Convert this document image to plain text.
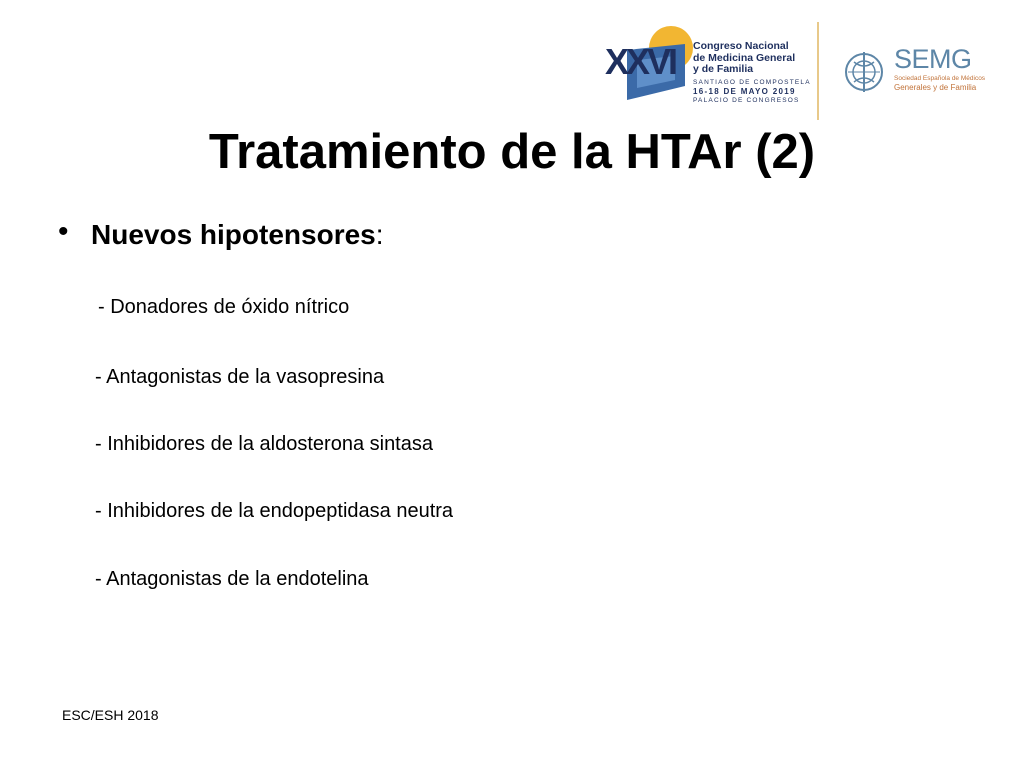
XXVI Congreso Nacional
de Medicina General
y de Familia
SANTIAGO DE COMPOSTELA
16-18 DE MAYO 2019
PALACIO DE CONGRESOS
SEMG
Sociedad Española de Médicos
Generales y de Familia
Tratamiento de la HTAr (2)
• Nuevos hipotensores:
- Donadores de óxido nítrico
- Antagonistas de la vasopresina
- Inhibidores de la aldosterona sintasa
- Inhibidores de la endopeptidasa neutra
- Antagonistas de la endotelina
ESC/ESH 2018
